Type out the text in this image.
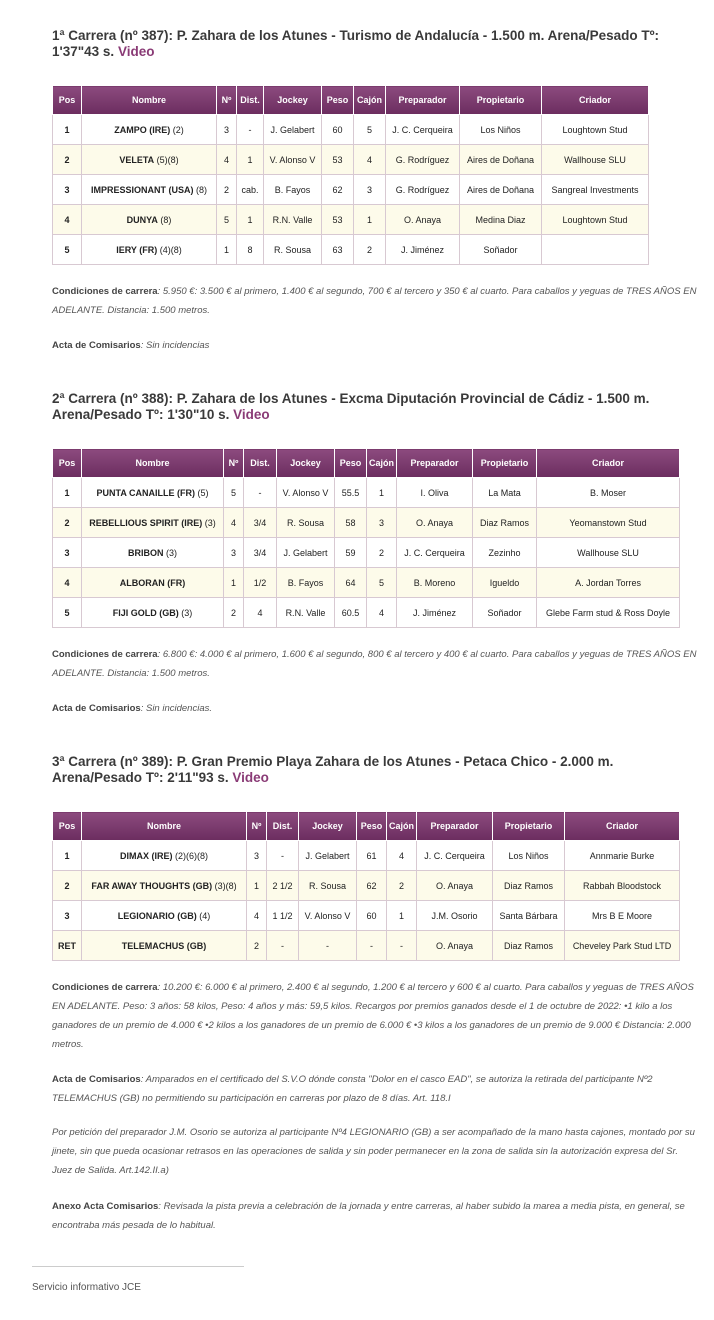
1ª Carrera (nº 387): P. Zahara de los Atunes - Turismo de Andalucía - 1.500 m. Arena/Pesado Tº: 1'37"43 s. Video
Pos	Nombre	Nº	Dist.	Jockey	Peso	Cajón	Preparador	Propietario	Criador
1	ZAMPO (IRE) (2)	3	-	J. Gelabert	60	5	J. C. Cerqueira	Los Niños	Loughtown Stud
2	VELETA (5)(8)	4	1	V. Alonso V	53	4	G. Rodríguez	Aires de Doñana	Wallhouse SLU
3	IMPRESSIONANT (USA) (8)	2	cab.	B. Fayos	62	3	G. Rodríguez	Aires de Doñana	Sangreal Investments
4	DUNYA (8)	5	1	R.N. Valle	53	1	O. Anaya	Medina Diaz	Loughtown Stud
5	IERY (FR) (4)(8)	1	8	R. Sousa	63	2	J. Jiménez	Soñador	

Condiciones de carrera: 5.950 €: 3.500 € al primero, 1.400 € al segundo, 700 € al tercero y 350 € al cuarto. Para caballos y yeguas de TRES AÑOS EN ADELANTE. Distancia: 1.500 metros.

Acta de Comisarios: Sin incidencias

2ª Carrera (nº 388): P. Zahara de los Atunes - Excma Diputación Provincial de Cádiz - 1.500 m. Arena/Pesado Tº: 1'30"10 s. Video
Pos	Nombre	Nº	Dist.	Jockey	Peso	Cajón	Preparador	Propietario	Criador
1	PUNTA CANAILLE (FR) (5)	5	-	V. Alonso V	55.5	1	I. Oliva	La Mata	B. Moser
2	REBELLIOUS SPIRIT (IRE) (3)	4	3/4	R. Sousa	58	3	O. Anaya	Diaz Ramos	Yeomanstown Stud
3	BRIBON (3)	3	3/4	J. Gelabert	59	2	J. C. Cerqueira	Zezinho	Wallhouse SLU
4	ALBORAN (FR)	1	1/2	B. Fayos	64	5	B. Moreno	Igueldo	A. Jordan Torres
5	FIJI GOLD (GB) (3)	2	4	R.N. Valle	60.5	4	J. Jiménez	Soñador	Glebe Farm stud & Ross Doyle

Condiciones de carrera: 6.800 €: 4.000 € al primero, 1.600 € al segundo, 800 € al tercero y 400 € al cuarto. Para caballos y yeguas de TRES AÑOS EN ADELANTE. Distancia: 1.500 metros.

Acta de Comisarios: Sin incidencias.

3ª Carrera (nº 389): P. Gran Premio Playa Zahara de los Atunes - Petaca Chico - 2.000 m. Arena/Pesado Tº: 2'11"93 s. Video
Pos	Nombre	Nº	Dist.	Jockey	Peso	Cajón	Preparador	Propietario	Criador
1	DIMAX (IRE) (2)(6)(8)	3	-	J. Gelabert	61	4	J. C. Cerqueira	Los Niños	Annmarie Burke
2	FAR AWAY THOUGHTS (GB) (3)(8)	1	2 1/2	R. Sousa	62	2	O. Anaya	Diaz Ramos	Rabbah Bloodstock
3	LEGIONARIO (GB) (4)	4	1 1/2	V. Alonso V	60	1	J.M. Osorio	Santa Bárbara	Mrs B E Moore
RET	TELEMACHUS (GB)	2	-	-	-	-	O. Anaya	Diaz Ramos	Cheveley Park Stud LTD

Condiciones de carrera: 10.200 €: 6.000 € al primero, 2.400 € al segundo, 1.200 € al tercero y 600 € al cuarto. Para caballos y yeguas de TRES AÑOS EN ADELANTE. Peso: 3 años: 58 kilos, Peso: 4 años y más: 59,5 kilos. Recargos por premios ganados desde el 1 de octubre de 2022: •1 kilo a los ganadores de un premio de 4.000 € •2 kilos a los ganadores de un premio de 6.000 € •3 kilos a los ganadores de un premio de 9.000 € Distancia: 2.000 metros.

Acta de Comisarios: Amparados en el certificado del S.V.O dónde consta "Dolor en el casco EAD", se autoriza la retirada del participante Nº2 TELEMACHUS (GB) no permitiendo su participación en carreras por plazo de 8 días. Art. 118.I

Por petición del preparador J.M. Osorio se autoriza al participante Nº4 LEGIONARIO (GB) a ser acompañado de la mano hasta cajones, montado por su jinete, sin que pueda ocasionar retrasos en las operaciones de salida y sin poder permanecer en la zona de salida sin la autorización expresa del Sr. Juez de Salida. Art.142.II.a)

Anexo Acta Comisarios: Revisada la pista previa a celebración de la jornada y entre carreras, al haber subido la marea a media pista, en general, se encontraba más pesada de lo habitual.

Servicio informativo JCE
